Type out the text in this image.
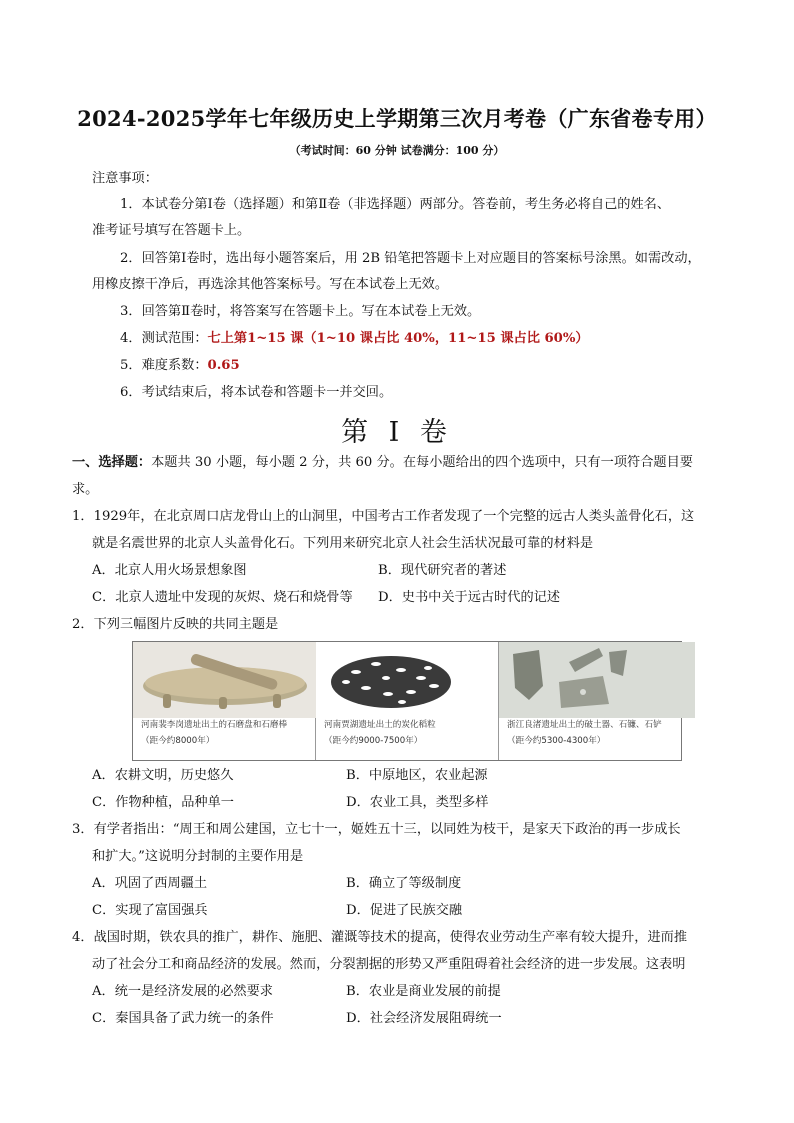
2024-2025学年七年级历史上学期第三次月考卷（广东省卷专用）
（考试时间：60 分钟 试卷满分：100 分）
注意事项：
1．本试卷分第Ⅰ卷（选择题）和第Ⅱ卷（非选择题）两部分。答卷前，考生务必将自己的姓名、
准考证号填写在答题卡上。
2．回答第Ⅰ卷时，选出每小题答案后，用 2B 铅笔把答题卡上对应题目的答案标号涂黑。如需改动，
用橡皮擦干净后，再选涂其他答案标号。写在本试卷上无效。
3．回答第Ⅱ卷时，将答案写在答题卡上。写在本试卷上无效。
4．测试范围：七上第1~15 课（1~10 课占比 40%，11~15 课占比 60%）
5．难度系数：0.65
6．考试结束后，将本试卷和答题卡一并交回。
第 I 卷
一、选择题：本题共 30 小题，每小题 2 分，共 60 分。在每小题给出的四个选项中，只有一项符合题目要
求。
1．1929年，在北京周口店龙骨山上的山洞里，中国考古工作者发现了一个完整的远古人类头盖骨化石，这
就是名震世界的北京人头盖骨化石。下列用来研究北京人社会生活状况最可靠的材料是
A．北京人用火场景想象图	B．现代研究者的著述
C．北京人遗址中发现的灰烬、烧石和烧骨等 D．史书中关于远古时代的记述
2．下列三幅图片反映的共同主题是
河南裴李岗遗址出土的石磨盘和石磨棒
（距今约8000年）
河南贾湖遗址出土的炭化稻粒
（距今约9000-7500年）
浙江良渚遗址出土的破土器、石镰、石铲
（距今约5300-4300年）
A．农耕文明，历史悠久	B．中原地区，农业起源
C．作物种植，品种单一	D．农业工具，类型多样
3．有学者指出：“周王和周公建国，立七十一，姬姓五十三，以同姓为枝干，是家天下政治的再一步成长
和扩大。”这说明分封制的主要作用是
A．巩固了西周疆土	B．确立了等级制度
C．实现了富国强兵	D．促进了民族交融
4．战国时期，铁农具的推广，耕作、施肥、灌溉等技术的提高，使得农业劳动生产率有较大提升，进而推
动了社会分工和商品经济的发展。然而，分裂割据的形势又严重阻碍着社会经济的进一步发展。这表明
A．统一是经济发展的必然要求	B．农业是商业发展的前提
C．秦国具备了武力统一的条件	D．社会经济发展阻碍统一
